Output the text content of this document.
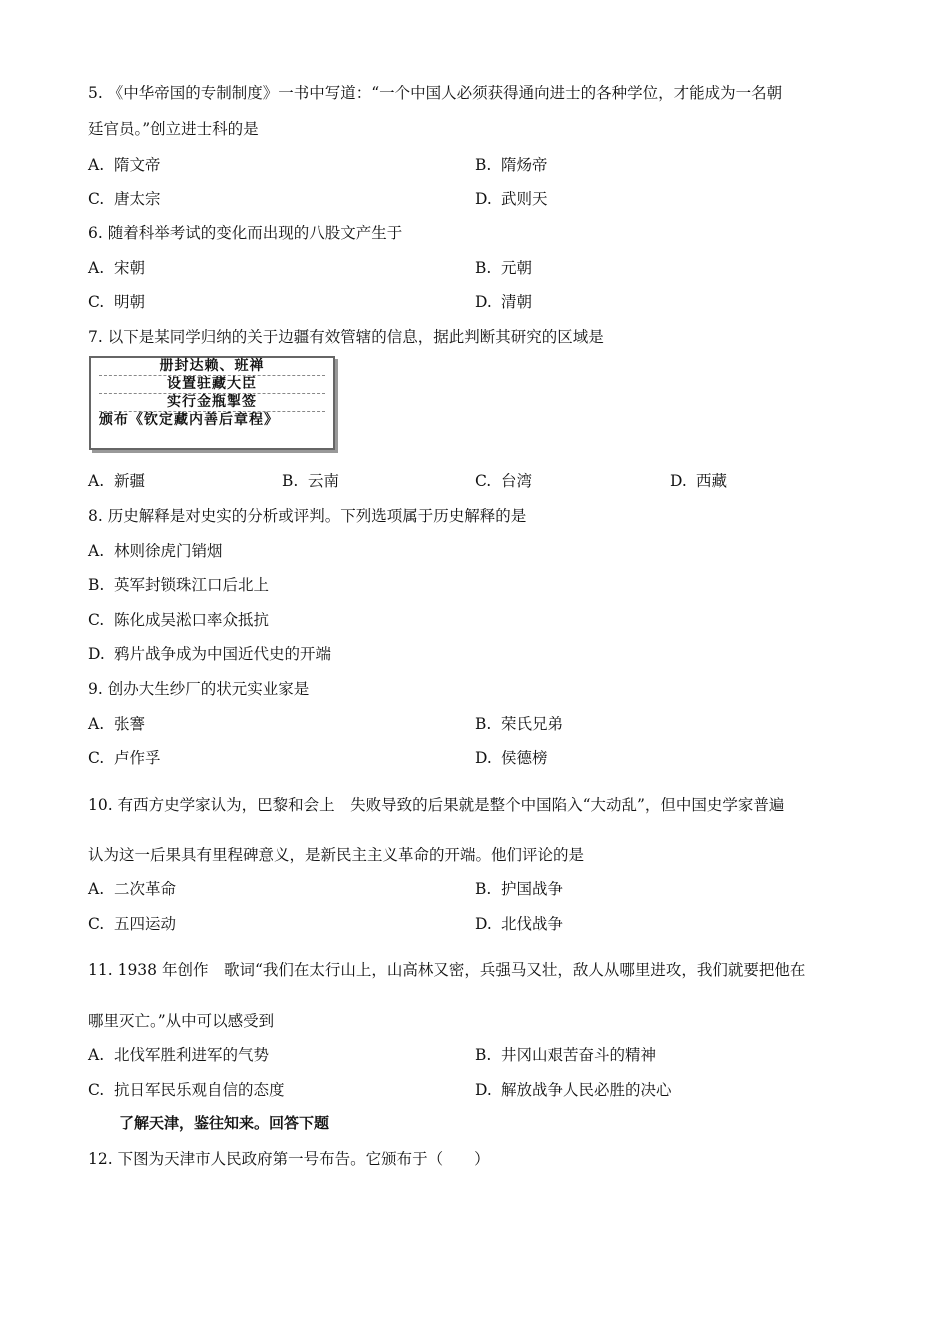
5. 《中华帝国的专制制度》一书中写道：“一个中国人必须获得通向进士的各种学位，才能成为一名朝
廷官员。”创立进士科的是
A. 隋文帝	B. 隋炀帝
C. 唐太宗	D. 武则天
6. 随着科举考试的变化而出现的八股文产生于
A. 宋朝	B. 元朝
C. 明朝	D. 清朝
7. 以下是某同学归纳的关于边疆有效管辖的信息，据此判断其研究的区域是
册封达赖、班禅
设置驻藏大臣
实行金瓶掣签
颁布《钦定藏内善后章程》
A. 新疆	B. 云南	C. 台湾	D. 西藏
8. 历史解释是对史实的分析或评判。下列选项属于历史解释的是
A. 林则徐虎门销烟
B. 英军封锁珠江口后北上
C. 陈化成吴淞口率众抵抗
D. 鸦片战争成为中国近代史的开端
9. 创办大生纱厂的状元实业家是
A. 张謇	B. 荣氏兄弟
C. 卢作孚	D. 侯德榜
10. 有西方史学家认为，巴黎和会上　失败导致的后果就是整个中国陷入“大动乱”，但中国史学家普遍
认为这一后果具有里程碑意义，是新民主主义革命的开端。他们评论的是
A. 二次革命	B. 护国战争
C. 五四运动	D. 北伐战争
11. 1938 年创作　歌词“我们在太行山上，山高林又密，兵强马又壮，敌人从哪里进攻，我们就要把他在
哪里灭亡。”从中可以感受到
A. 北伐军胜利进军的气势	B. 井冈山艰苦奋斗的精神
C. 抗日军民乐观自信的态度	D. 解放战争人民必胜的决心
了解天津，鉴往知来。回答下题
12. 下图为天津市人民政府第一号布告。它颁布于（　　）
